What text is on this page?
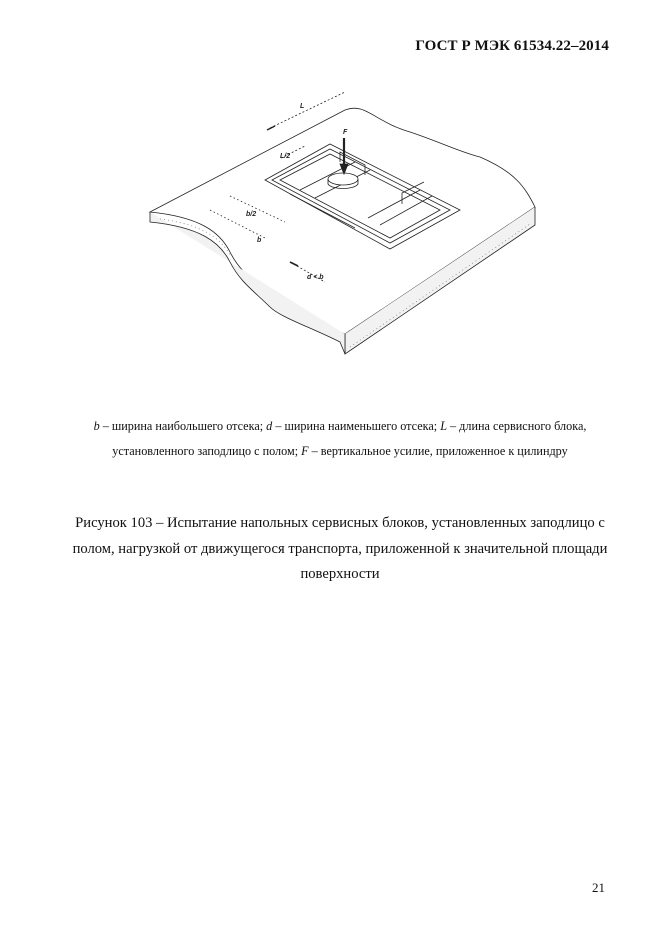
ГОСТ Р МЭК 61534.22–2014
L
L/2
F
b/2
b
d < b
b – ширина наибольшего отсека; d – ширина наименьшего отсека; L – длина сервисного блока, установленного заподлицо с полом; F – вертикальное усилие, приложенное к цилиндру
Рисунок 103 – Испытание напольных сервисных блоков, установленных заподлицо с полом, нагрузкой от движущегося транспорта, приложенной к значительной площади поверхности
21
